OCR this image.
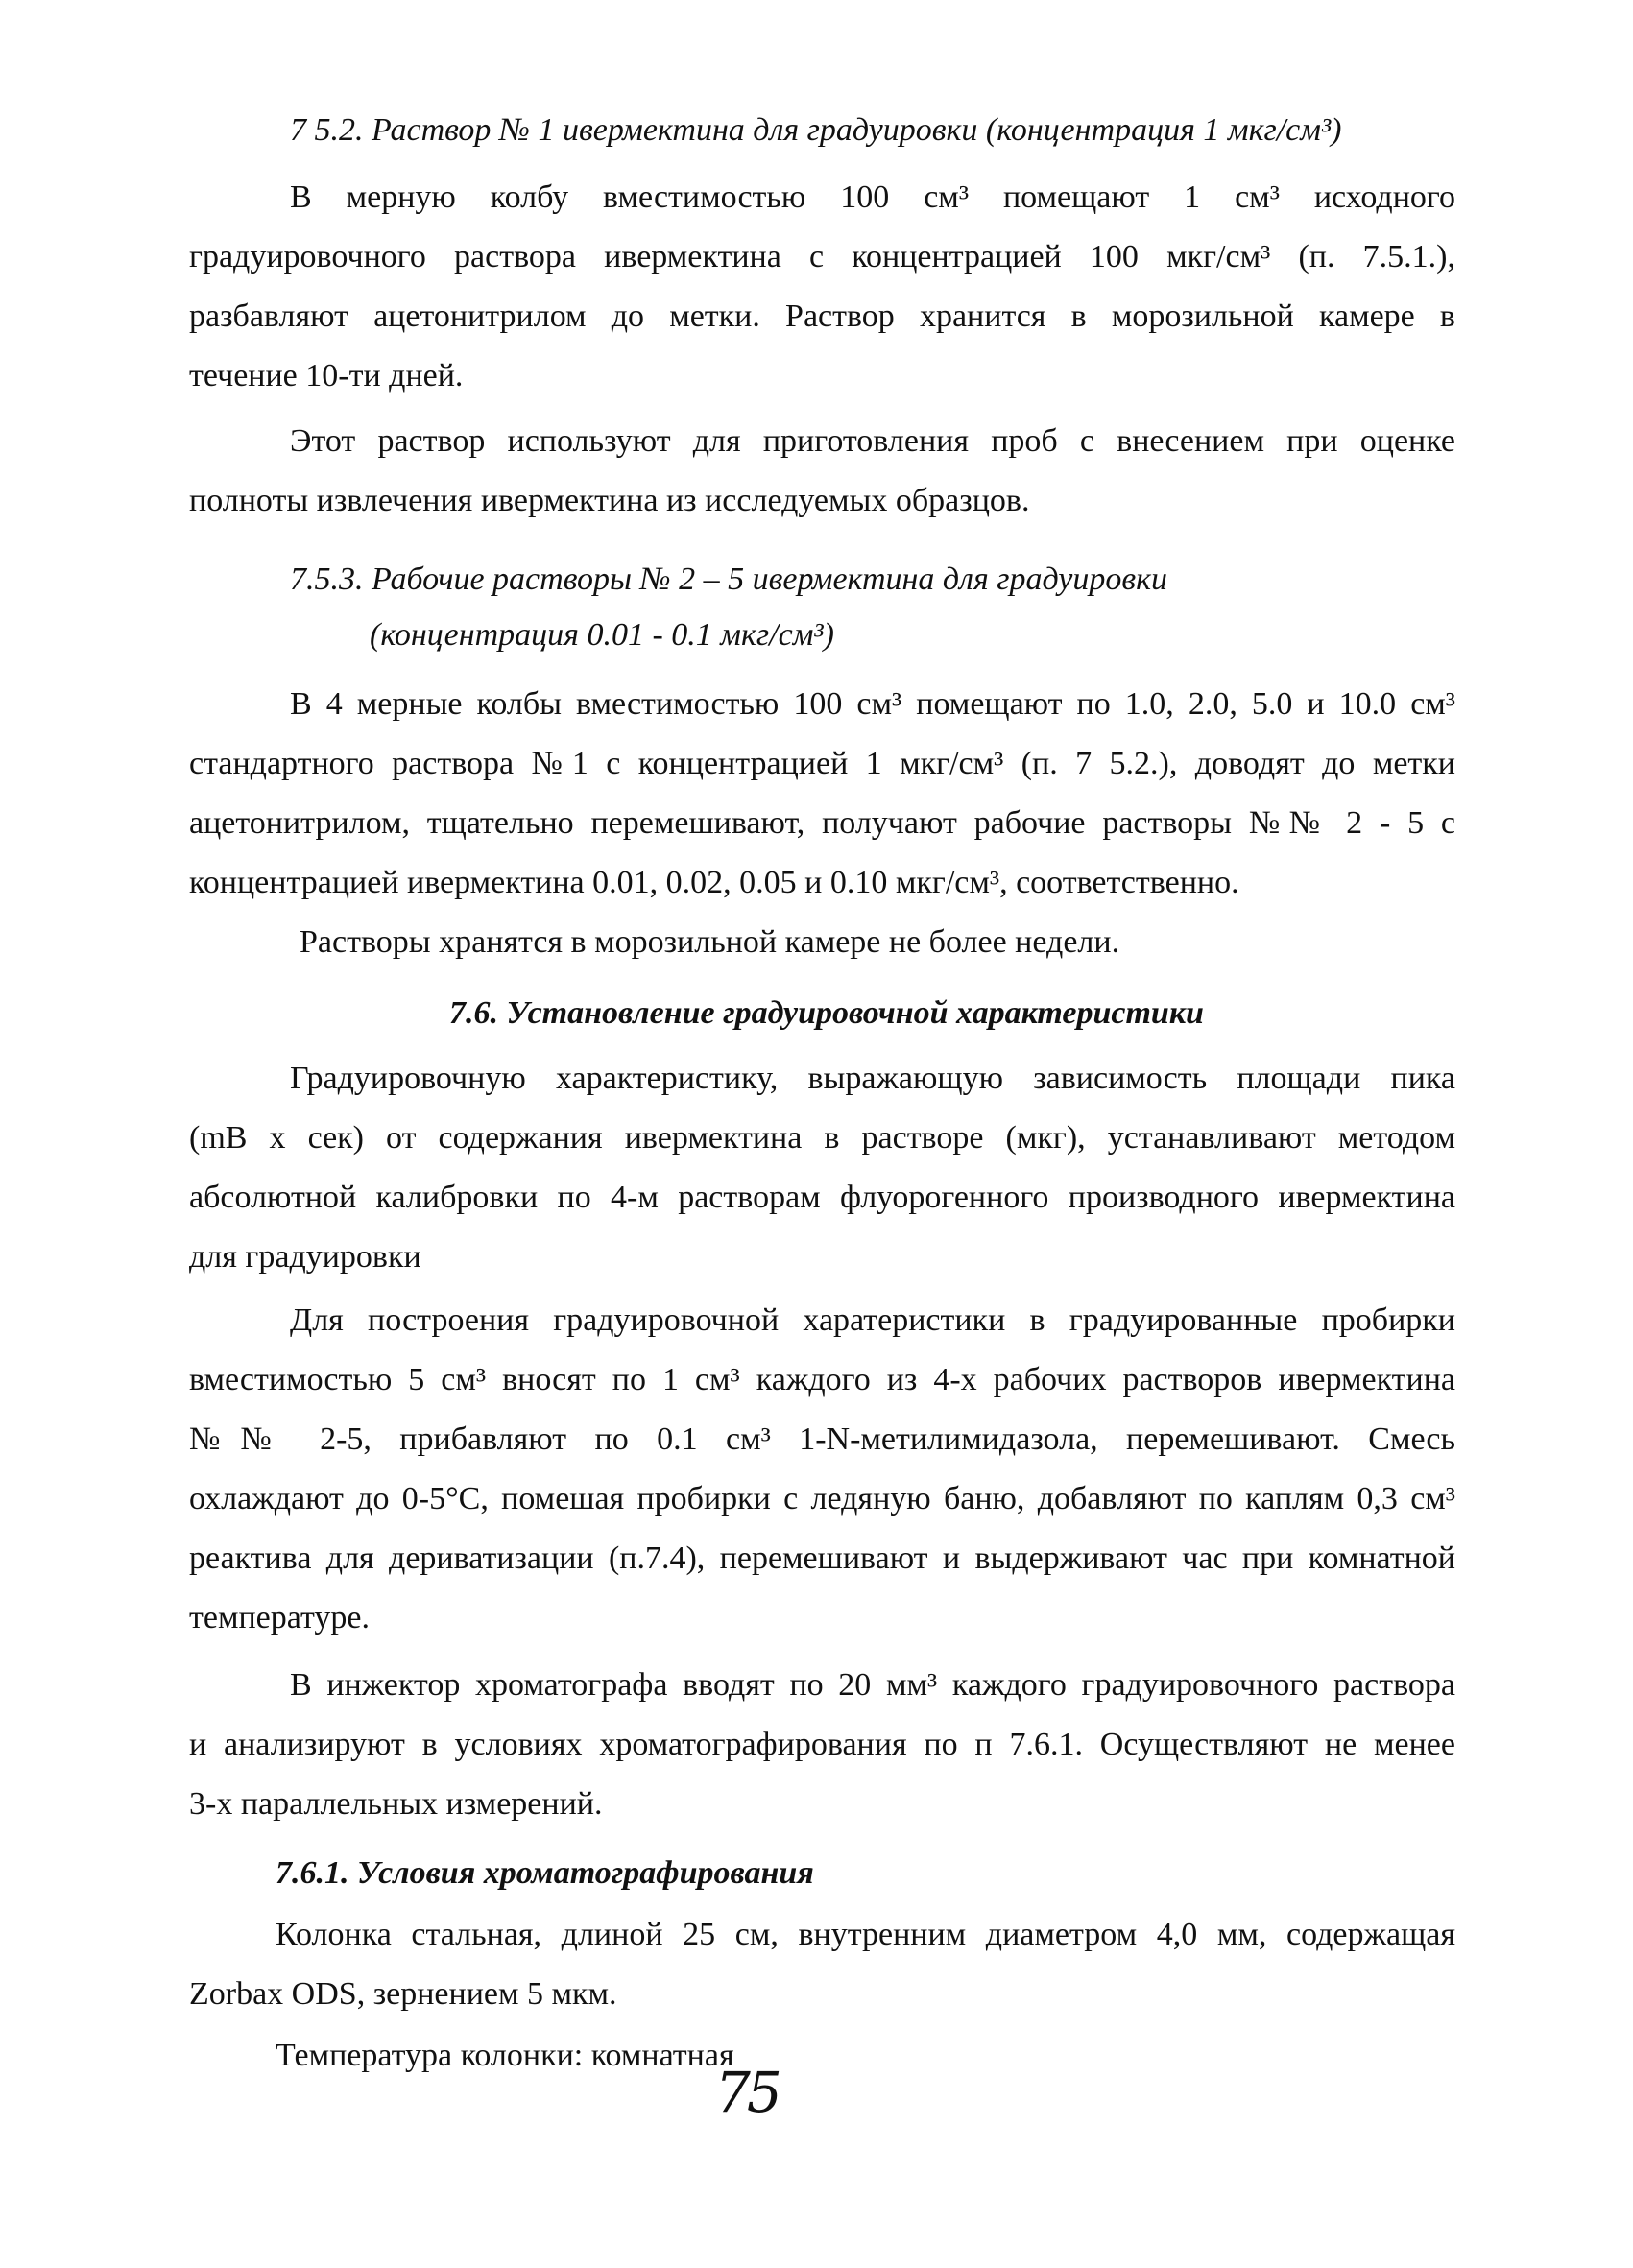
7 5.2. Раствор № 1 ивермектина для градуировки (концентрация 1 мкг/см³)
В мерную колбу вместимостью 100 см³ помещают 1 см³ исходного
градуировочного раствора ивермектина с концентрацией 100 мкг/см³ (п. 7.5.1.),
разбавляют ацетонитрилом до метки. Раствор хранится в морозильной камере в
течение 10-ти дней.
Этот раствор используют для приготовления проб с внесением при оценке
полноты извлечения ивермектина из исследуемых образцов.
7.5.3. Рабочие растворы № 2 – 5 ивермектина для градуировки
(концентрация 0.01 - 0.1 мкг/см³)
В 4 мерные колбы вместимостью 100 см³ помещают по 1.0, 2.0, 5.0 и 10.0 см³
стандартного раствора №1 с концентрацией 1 мкг/см³ (п. 7 5.2.), доводят до метки
ацетонитрилом, тщательно перемешивают, получают рабочие растворы №№ 2 - 5 с
концентрацией ивермектина 0.01, 0.02, 0.05 и 0.10 мкг/см³, соответственно.
Растворы хранятся в морозильной камере не более недели.
7.6. Установление градуировочной характеристики
Градуировочную характеристику, выражающую зависимость площади пика
(mВ х сек) от содержания ивермектина в растворе (мкг), устанавливают методом
абсолютной калибровки по 4-м растворам флуорогенного производного ивермектина
для градуировки
Для построения градуировочной харатеристики в градуированные пробирки
вместимостью 5 см³ вносят по 1 см³ каждого из 4-х рабочих растворов ивермектина
№№ 2-5, прибавляют по 0.1 см³ 1-N-метилимидазола, перемешивают. Смесь
охлаждают до 0-5°С, помешая пробирки с ледяную баню, добавляют по каплям 0,3 см³
реактива для дериватизации (п.7.4), перемешивают и выдерживают час при комнатной
температуре.
В инжектор хроматографа вводят по 20 мм³ каждого градуировочного раствора
и анализируют в условиях хроматографирования по п 7.6.1. Осуществляют не менее
3-х параллельных измерений.
7.6.1. Условия хроматографирования
Колонка стальная, длиной 25 см, внутренним диаметром 4,0 мм, содержащая
Zorbax ODS, зернением 5 мкм.
Температура колонки: комнатная
75
